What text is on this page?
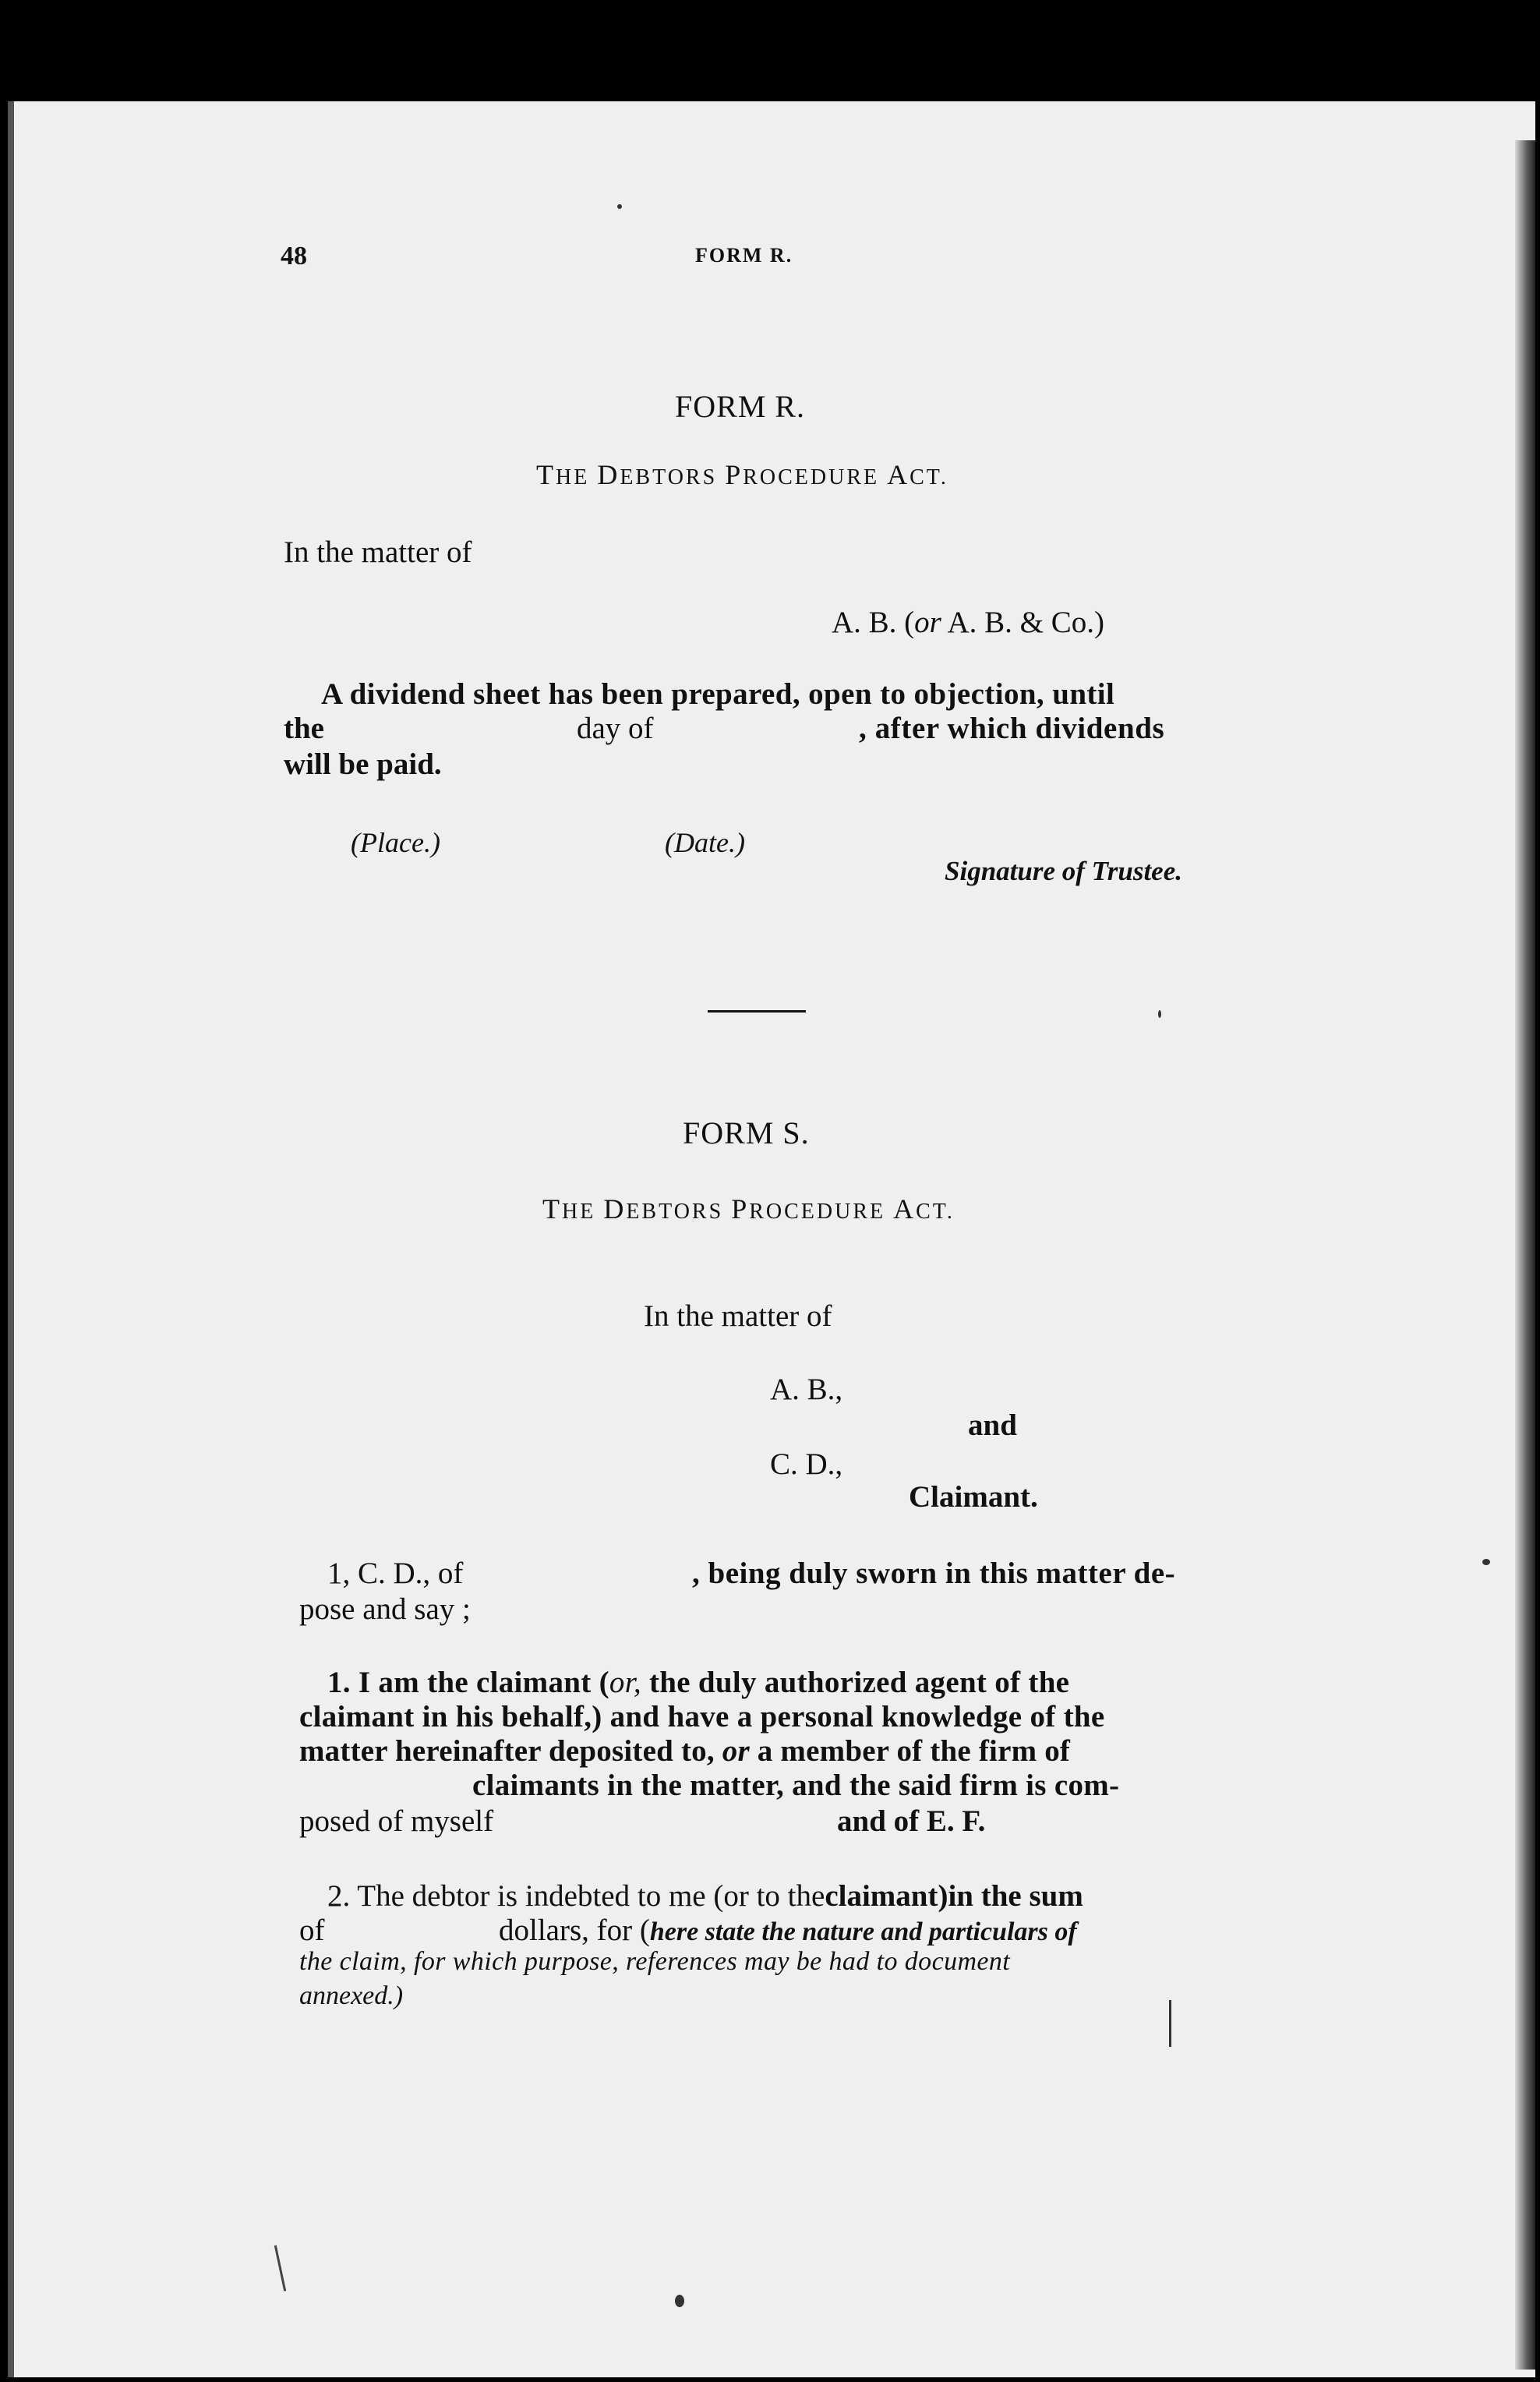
48	FORM R.
FORM R.
THE DEBTORS PROCEDURE ACT.
In the matter of
A. B. (or A. B. & Co.)
A dividend sheet has been prepared, open to objection, until
the	day of	, after which dividends
will be paid.
(Place.)	(Date.)
Signature of Trustee.
FORM S.
THE DEBTORS PROCEDURE ACT.
In the matter of
A. B.,
and
C. D.,
Claimant.
1, C. D., of	, being duly sworn in this matter de-
pose and say ;
1. I am the claimant (or, the duly authorized agent of the
claimant in his behalf,) and have a personal knowledge of the
matter hereinafter deposited to, or a member of the firm of
claimants in the matter, and the said firm is com-
posed of myself	and of E. F.
2. The debtor is indebted to me (or to theclaimant)in the sum
of	dollars, for (here state the nature and particulars of
the claim, for which purpose, references may be had to document
annexed.)
